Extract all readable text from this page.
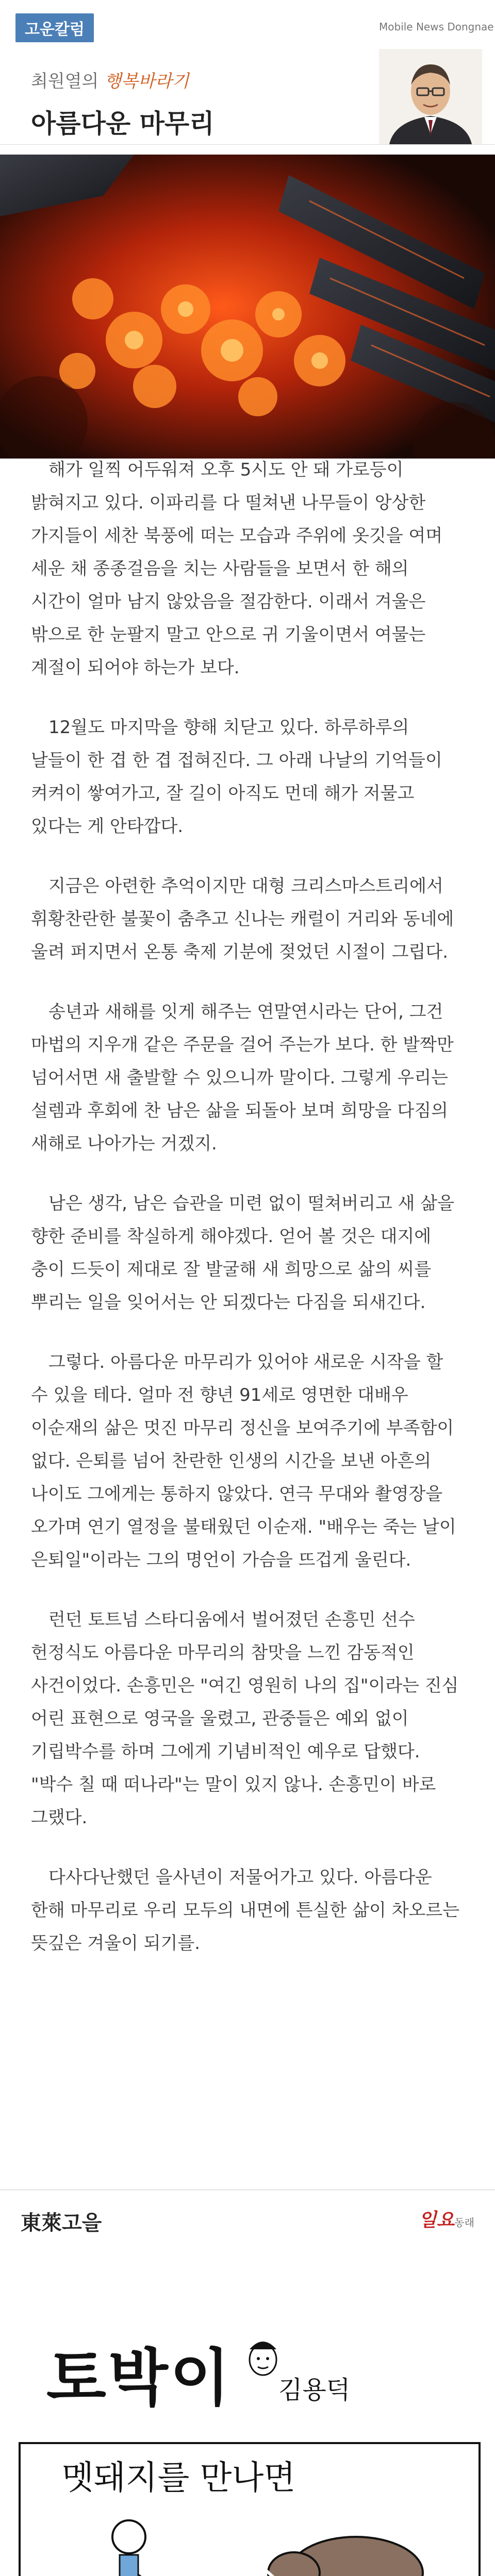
고운칼럼	Mobile News Dongnae
최원열의 행복바라기
아름다운 마무리

해가 일찍 어두워져 오후 5시도 안 돼 가로등이 밝혀지고 있다. 이파리를 다 떨쳐낸 나무들이 앙상한 가지들이 세찬 북풍에 떠는 모습과 주위에 옷깃을 여며 세운 채 종종걸음을 치는 사람들을 보면서 한 해의 시간이 얼마 남지 않았음을 절감한다. 이래서 겨울은 밖으로 한 눈팔지 말고 안으로 귀 기울이면서 여물는 계절이 되어야 하는가 보다.

12월도 마지막을 향해 치닫고 있다. 하루하루의 날들이 한 겹 한 겹 접혀진다. 그 아래 나날의 기억들이 켜켜이 쌓여가고, 잘 길이 아직도 먼데 해가 저물고 있다는 게 안타깝다.

지금은 아련한 추억이지만 대형 크리스마스트리에서 휘황찬란한 불꽃이 춤추고 신나는 캐럴이 거리와 동네에 울려 퍼지면서 온통 축제 기분에 젖었던 시절이 그립다.

송년과 새해를 잇게 해주는 연말연시라는 단어, 그건 마법의 지우개 같은 주문을 걸어 주는가 보다. 한 발짝만 넘어서면 새 출발할 수 있으니까 말이다. 그렇게 우리는 설렘과 후회에 찬 남은 삶을 되돌아 보며 희망을 다짐의 새해로 나아가는 거겠지.

남은 생각, 남은 습관을 미련 없이 떨쳐버리고 새 삶을 향한 준비를 착실하게 해야겠다. 얻어 볼 것은 대지에 충이 드듯이 제대로 잘 발굴해 새 희망으로 삶의 씨를 뿌리는 일을 잊어서는 안 되겠다는 다짐을 되새긴다.

그렇다. 아름다운 마무리가 있어야 새로운 시작을 할 수 있을 테다. 얼마 전 향년 91세로 영면한 대배우 이순재의 삶은 멋진 마무리 정신을 보여주기에 부족함이 없다. 은퇴를 넘어 찬란한 인생의 시간을 보낸 아흔의 나이도 그에게는 통하지 않았다. 연극 무대와 촬영장을 오가며 연기 열정을 불태웠던 이순재. "배우는 죽는 날이 은퇴일"이라는 그의 명언이 가슴을 뜨겁게 울린다.

런던 토트넘 스타디움에서 벌어졌던 손흥민 선수 헌정식도 아름다운 마무리의 참맛을 느낀 감동적인 사건이었다. 손흥민은 "여긴 영원히 나의 집"이라는 진심 어린 표현으로 영국을 울렸고, 관중들은 예외 없이 기립박수를 하며 그에게 기념비적인 예우로 답했다. "박수 칠 때 떠나라"는 말이 있지 않나. 손흥민이 바로 그랬다.

다사다난했던 을사년이 저물어가고 있다. 아름다운 한해 마무리로 우리 모두의 내면에 튼실한 삶이 차오르는 뜻깊은 겨울이 되기를.

東萊고을	일요동래
토박이 김용덕
멧돼지를 만나면
